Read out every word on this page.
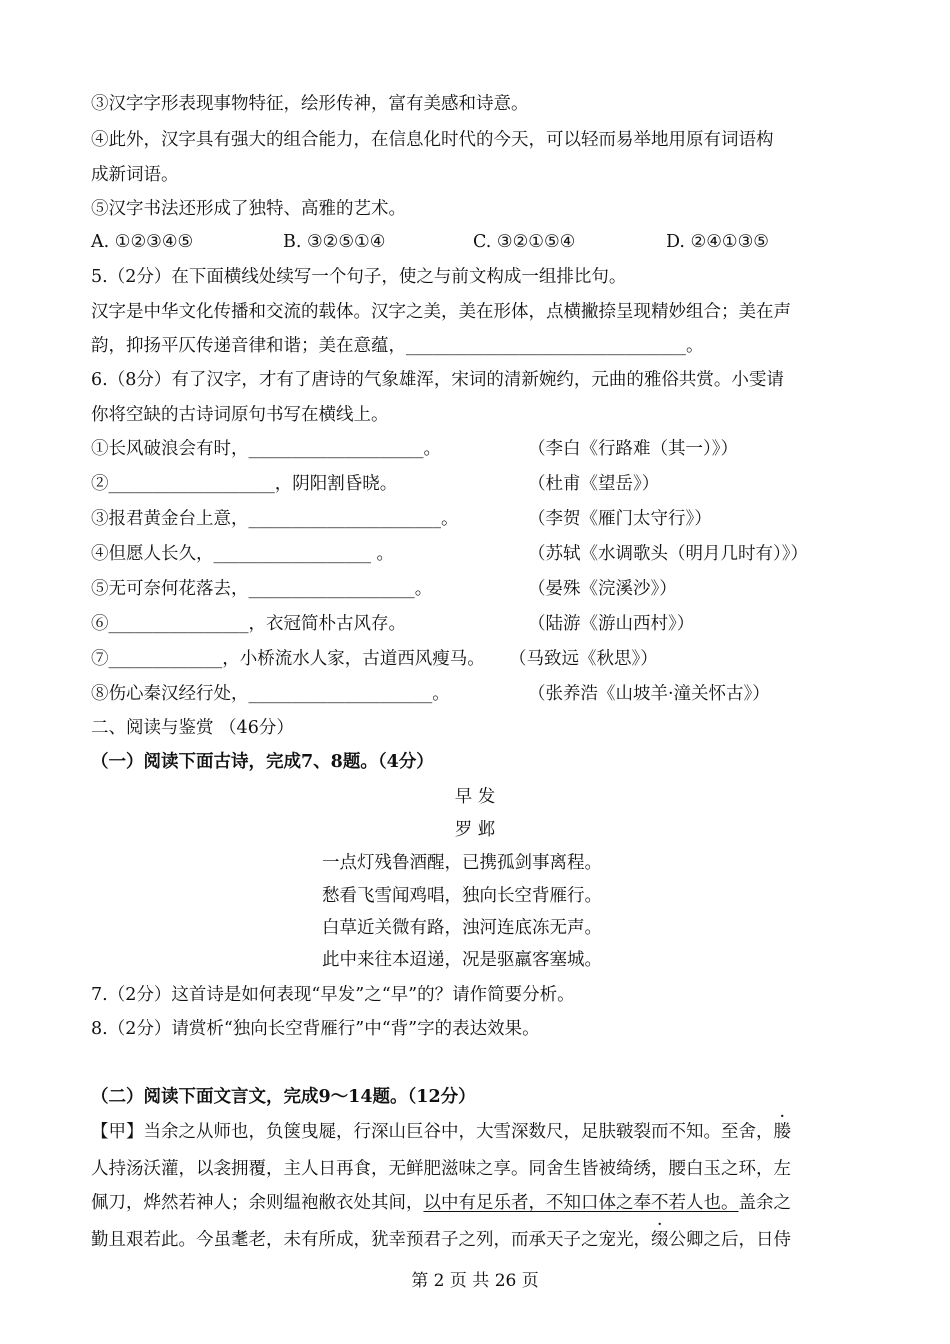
③汉字字形表现事物特征，绘形传神，富有美感和诗意。
④此外，汉字具有强大的组合能力，在信息化时代的今天，可以轻而易举地用原有词语构
成新词语。
⑤汉字书法还形成了独特、高雅的艺术。
A. ①②③④⑤	B. ③②⑤①④	C. ③②①⑤④	D. ②④①③⑤
5.（2分）在下面横线处续写一个句子，使之与前文构成一组排比句。
汉字是中华文化传播和交流的载体。汉字之美，美在形体，点横撇捺呈现精妙组合；美在声
韵，抑扬平仄传递音律和谐；美在意蕴，________________________________。
6.（8分）有了汉字，才有了唐诗的气象雄浑，宋词的清新婉约，元曲的雅俗共赏。小雯请
你将空缺的古诗词原句书写在横线上。
①长风破浪会有时，____________________。	（李白《行路难（其一）》）
②___________________，阴阳割昏晓。	（杜甫《望岳》）
③报君黄金台上意，______________________。	（李贺《雁门太守行》）
④但愿人长久，__________________ 。	（苏轼《水调歌头（明月几时有）》）
⑤无可奈何花落去，___________________。	（晏殊《浣溪沙》）
⑥________________，衣冠简朴古风存。	（陆游《游山西村》）
⑦_____________，小桥流水人家，古道西风瘦马。 （马致远《秋思》）
⑧伤心秦汉经行处，_____________________。	（张养浩《山坡羊·潼关怀古》）
二、阅读与鉴赏 （46分）
（一）阅读下面古诗，完成7、8题。（4分）
早 发
罗 邺
一点灯残鲁酒醒，已携孤剑事离程。
愁看飞雪闻鸡唱，独向长空背雁行。
白草近关微有路，浊河连底冻无声。
此中来往本迢递，况是驱羸客塞城。
7.（2分）这首诗是如何表现“早发”之“早”的？请作简要分析。
8.（2分）请赏析“独向长空背雁行”中“背”字的表达效果。
（二）阅读下面文言文，完成9～14题。（12分）
【甲】当余之从师也，负箧曳屣，行深山巨谷中，大雪深数尺，足肤皲裂而不知。至舍，媵
人持汤沃灌，以衾拥覆，主人日再食，无鲜肥滋味之享。同舍生皆被绮绣，腰白玉之环，左
佩刀，烨然若神人；余则缊袍敝衣处其间，以中有足乐者，不知口体之奉不若人也。盖余之
勤且艰若此。今虽耄老，未有所成，犹幸预君子之列，而承天子之宠光，缀公卿之后，日侍
第 2 页 共 26 页
